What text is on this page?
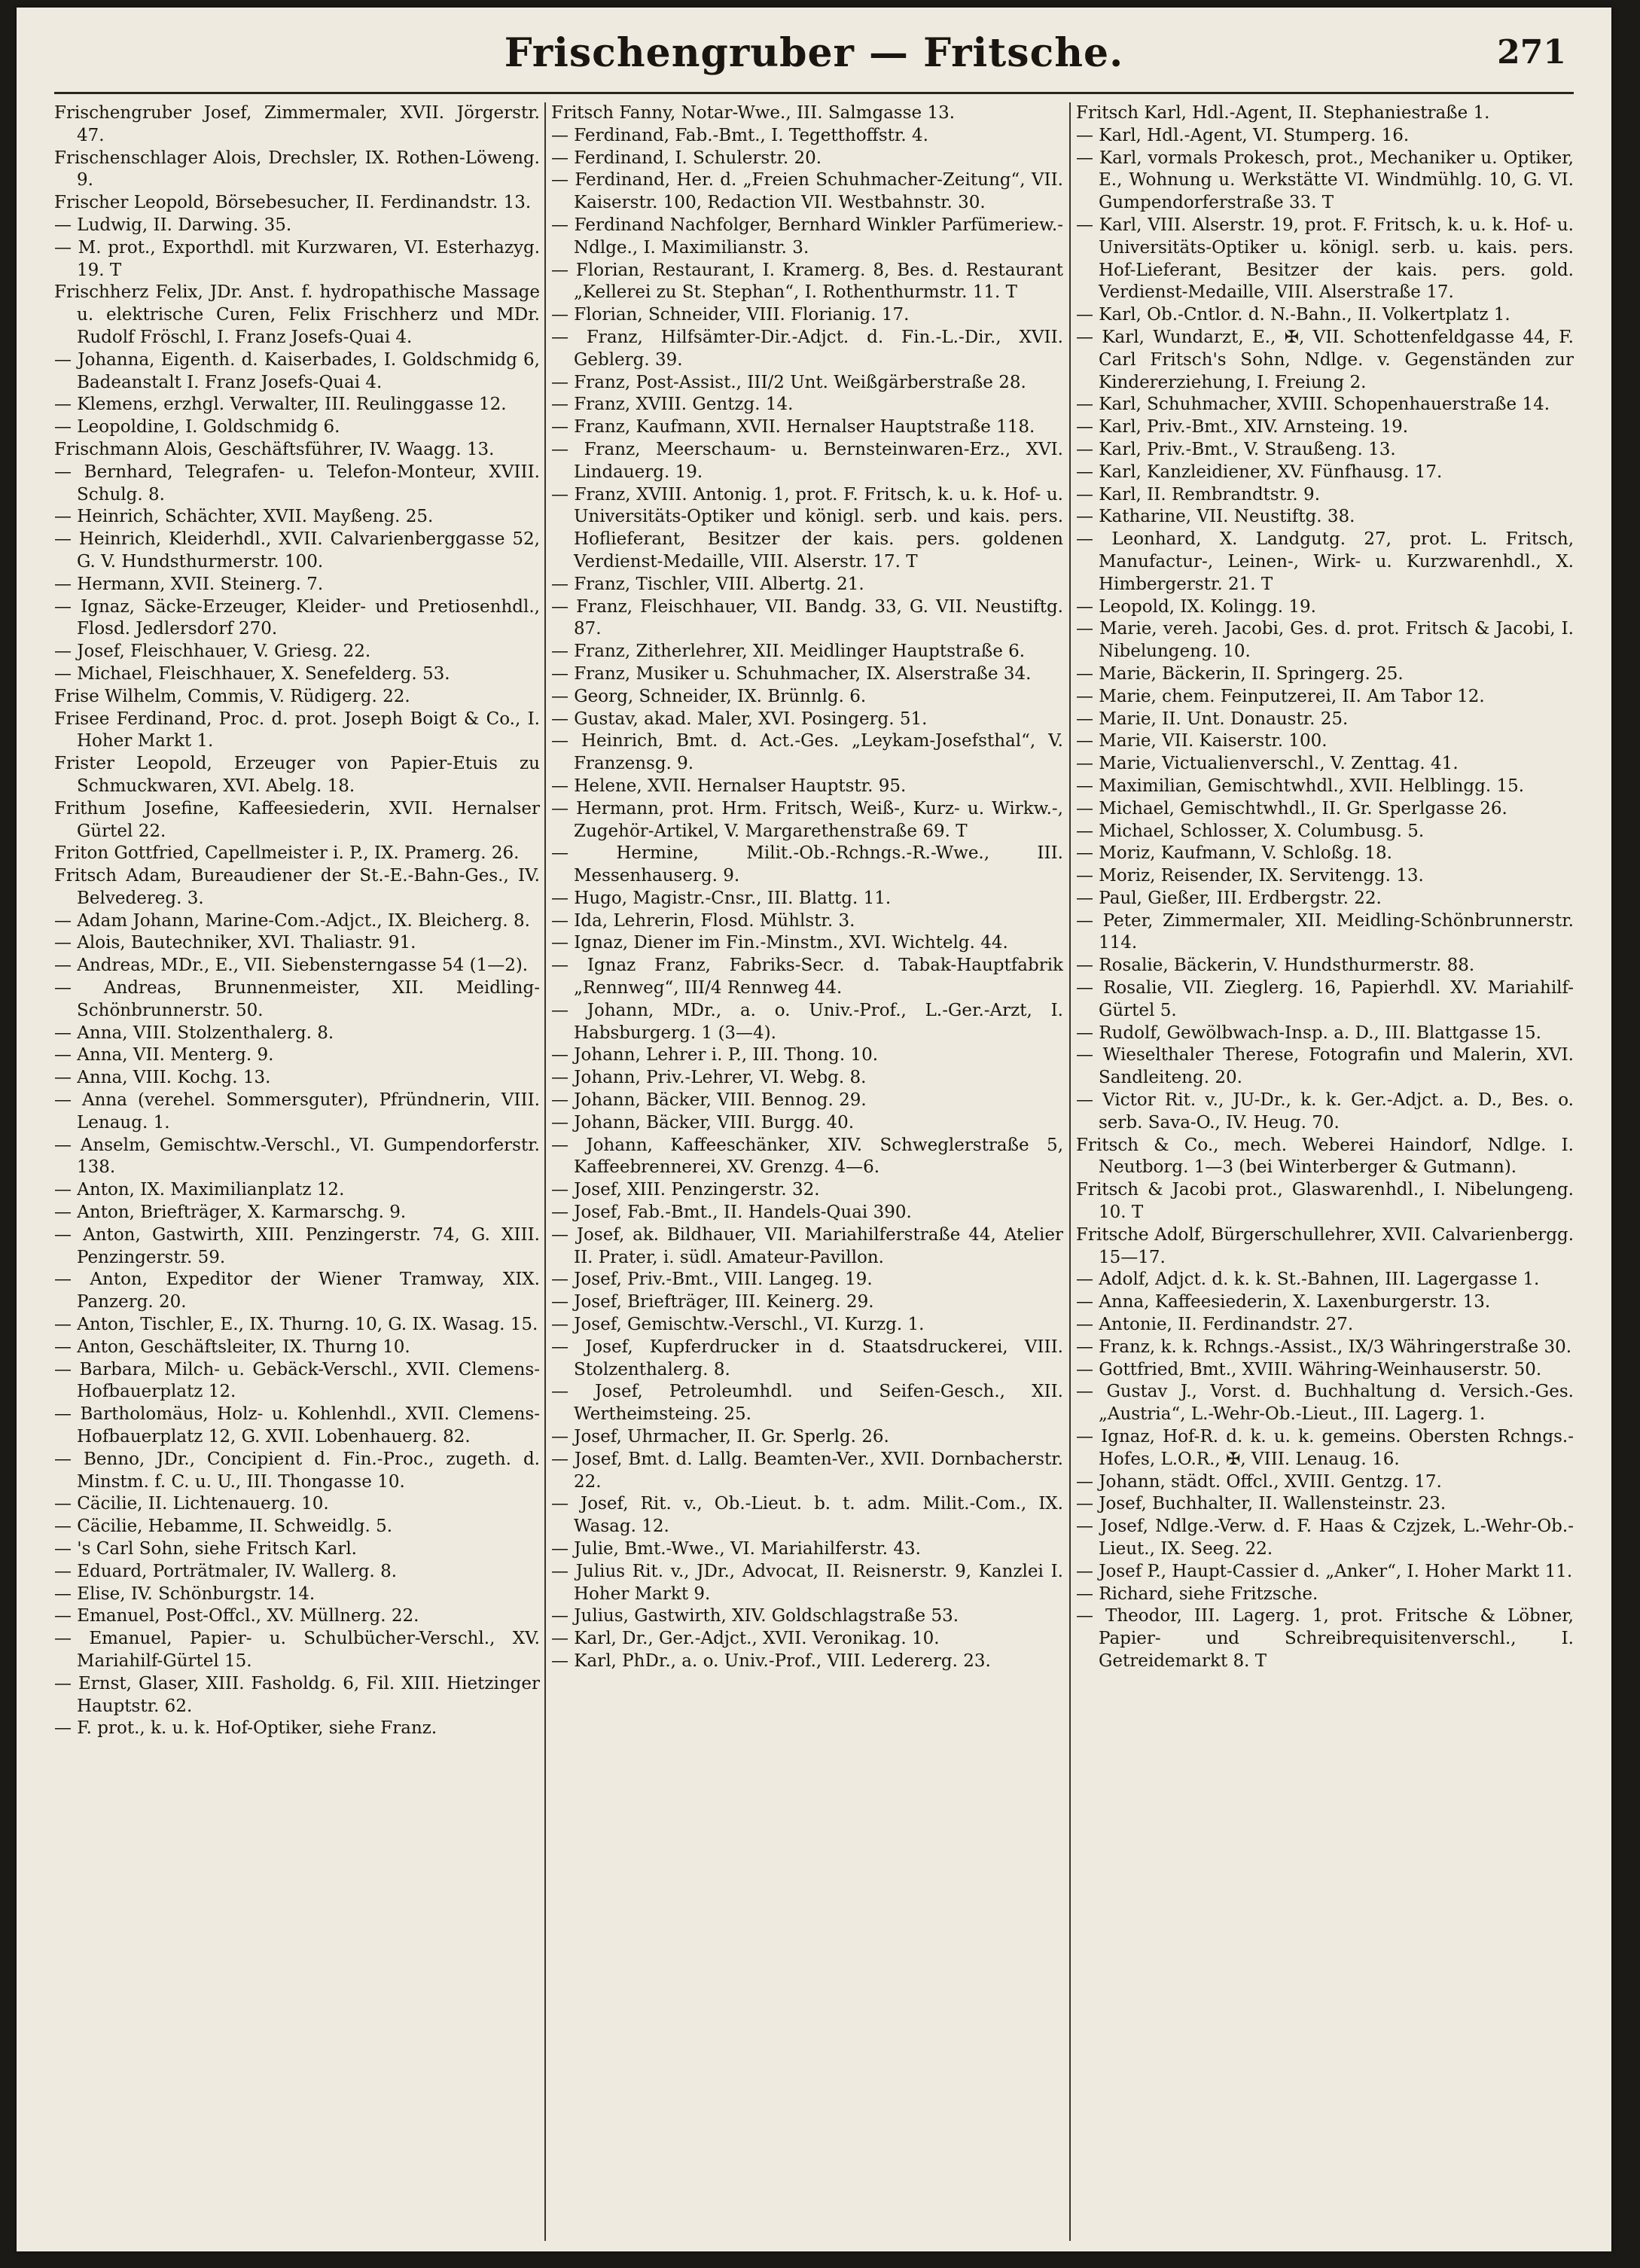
Frischengruber — Fritsche.	271
Frischengruber Josef, Zimmermaler, XVII. Jörgerstr. 47.
Frischenschlager Alois, Drechsler, IX. Rothen-Löweng. 9.
Frischer Leopold, Börsebesucher, II. Ferdinandstr. 13.
— Ludwig, II. Darwing. 35.
— M. prot., Exporthdl. mit Kurzwaren, VI. Esterhazyg. 19. T
Frischherz Felix, JDr. Anst. f. hydropathische Massage u. elektrische Curen, Felix Frischherz und MDr. Rudolf Fröschl, I. Franz Josefs-Quai 4.
— Johanna, Eigenth. d. Kaiserbades, I. Goldschmidg 6, Badeanstalt I. Franz Josefs-Quai 4.
— Klemens, erzhgl. Verwalter, III. Reulinggasse 12.
— Leopoldine, I. Goldschmidg 6.
Frischmann Alois, Geschäftsführer, IV. Waagg. 13.
— Bernhard, Telegrafen- u. Telefon-Monteur, XVIII. Schulg. 8.
— Heinrich, Schächter, XVII. Mayßeng. 25.
— Heinrich, Kleiderhdl., XVII. Calvarienberggasse 52, G. V. Hundsthurmerstr. 100.
— Hermann, XVII. Steinerg. 7.
— Ignaz, Säcke-Erzeuger, Kleider- und Pretiosenhdl., Flosd. Jedlersdorf 270.
— Josef, Fleischhauer, V. Griesg. 22.
— Michael, Fleischhauer, X. Senefelderg. 53.
Frise Wilhelm, Commis, V. Rüdigerg. 22.
Frisee Ferdinand, Proc. d. prot. Joseph Boigt & Co., I. Hoher Markt 1.
Frister Leopold, Erzeuger von Papier-Etuis zu Schmuckwaren, XVI. Abelg. 18.
Frithum Josefine, Kaffeesiederin, XVII. Hernalser Gürtel 22.
Friton Gottfried, Capellmeister i. P., IX. Pramerg. 26.
Fritsch Adam, Bureaudiener der St.-E.-Bahn-Ges., IV. Belvedereg. 3.
— Adam Johann, Marine-Com.-Adjct., IX. Bleicherg. 8.
— Alois, Bautechniker, XVI. Thaliastr. 91.
— Andreas, MDr., E., VII. Siebensterngasse 54 (1—2).
— Andreas, Brunnenmeister, XII. Meidling-Schönbrunnerstr. 50.
— Anna, VIII. Stolzenthalerg. 8.
— Anna, VII. Menterg. 9.
— Anna, VIII. Kochg. 13.
— Anna (verehel. Sommersguter), Pfründnerin, VIII. Lenaug. 1.
— Anselm, Gemischtw.-Verschl., VI. Gumpendorferstr. 138.
— Anton, IX. Maximilianplatz 12.
— Anton, Briefträger, X. Karmarschg. 9.
— Anton, Gastwirth, XIII. Penzingerstr. 74, G. XIII. Penzingerstr. 59.
— Anton, Expeditor der Wiener Tramway, XIX. Panzerg. 20.
— Anton, Tischler, E., IX. Thurng. 10, G. IX. Wasag. 15.
— Anton, Geschäftsleiter, IX. Thurng 10.
— Barbara, Milch- u. Gebäck-Verschl., XVII. Clemens-Hofbauerplatz 12.
— Bartholomäus, Holz- u. Kohlenhdl., XVII. Clemens-Hofbauerplatz 12, G. XVII. Lobenhauerg. 82.
— Benno, JDr., Concipient d. Fin.-Proc., zugeth. d. Minstm. f. C. u. U., III. Thongasse 10.
— Cäcilie, II. Lichtenauerg. 10.
— Cäcilie, Hebamme, II. Schweidlg. 5.
— 's Carl Sohn, siehe Fritsch Karl.
— Eduard, Porträtmaler, IV. Wallerg. 8.
— Elise, IV. Schönburgstr. 14.
— Emanuel, Post-Offcl., XV. Müllnerg. 22.
— Emanuel, Papier- u. Schulbücher-Verschl., XV. Mariahilf-Gürtel 15.
— Ernst, Glaser, XIII. Fasholdg. 6, Fil. XIII. Hietzinger Hauptstr. 62.
— F. prot., k. u. k. Hof-Optiker, siehe Franz.
Fritsch Fanny, Notar-Wwe., III. Salmgasse 13.
— Ferdinand, Fab.-Bmt., I. Tegetthoffstr. 4.
— Ferdinand, I. Schulerstr. 20.
— Ferdinand, Her. d. „Freien Schuhmacher-Zeitung“, VII. Kaiserstr. 100, Redaction VII. Westbahnstr. 30.
— Ferdinand Nachfolger, Bernhard Winkler Parfümeriew.-Ndlge., I. Maximilianstr. 3.
— Florian, Restaurant, I. Kramerg. 8, Bes. d. Restaurant „Kellerei zu St. Stephan“, I. Rothenthurmstr. 11. T
— Florian, Schneider, VIII. Florianig. 17.
— Franz, Hilfsämter-Dir.-Adjct. d. Fin.-L.-Dir., XVII. Geblerg. 39.
— Franz, Post-Assist., III/2 Unt. Weißgärberstraße 28.
— Franz, XVIII. Gentzg. 14.
— Franz, Kaufmann, XVII. Hernalser Hauptstraße 118.
— Franz, Meerschaum- u. Bernsteinwaren-Erz., XVI. Lindauerg. 19.
— Franz, XVIII. Antonig. 1, prot. F. Fritsch, k. u. k. Hof- u. Universitäts-Optiker und königl. serb. und kais. pers. Hoflieferant, Besitzer der kais. pers. goldenen Verdienst-Medaille, VIII. Alserstr. 17. T
— Franz, Tischler, VIII. Albertg. 21.
— Franz, Fleischhauer, VII. Bandg. 33, G. VII. Neustiftg. 87.
— Franz, Zitherlehrer, XII. Meidlinger Hauptstraße 6.
— Franz, Musiker u. Schuhmacher, IX. Alserstraße 34.
— Georg, Schneider, IX. Brünnlg. 6.
— Gustav, akad. Maler, XVI. Posingerg. 51.
— Heinrich, Bmt. d. Act.-Ges. „Leykam-Josefsthal“, V. Franzensg. 9.
— Helene, XVII. Hernalser Hauptstr. 95.
— Hermann, prot. Hrm. Fritsch, Weiß-, Kurz- u. Wirkw.-, Zugehör-Artikel, V. Margarethenstraße 69. T
— Hermine, Milit.-Ob.-Rchngs.-R.-Wwe., III. Messenhauserg. 9.
— Hugo, Magistr.-Cnsr., III. Blattg. 11.
— Ida, Lehrerin, Flosd. Mühlstr. 3.
— Ignaz, Diener im Fin.-Minstm., XVI. Wichtelg. 44.
— Ignaz Franz, Fabriks-Secr. d. Tabak-Hauptfabrik „Rennweg“, III/4 Rennweg 44.
— Johann, MDr., a. o. Univ.-Prof., L.-Ger.-Arzt, I. Habsburgerg. 1 (3—4).
— Johann, Lehrer i. P., III. Thong. 10.
— Johann, Priv.-Lehrer, VI. Webg. 8.
— Johann, Bäcker, VIII. Bennog. 29.
— Johann, Bäcker, VIII. Burgg. 40.
— Johann, Kaffeeschänker, XIV. Schweglerstraße 5, Kaffeebrennerei, XV. Grenzg. 4—6.
— Josef, XIII. Penzingerstr. 32.
— Josef, Fab.-Bmt., II. Handels-Quai 390.
— Josef, ak. Bildhauer, VII. Mariahilferstraße 44, Atelier II. Prater, i. südl. Amateur-Pavillon.
— Josef, Priv.-Bmt., VIII. Langeg. 19.
— Josef, Briefträger, III. Keinerg. 29.
— Josef, Gemischtw.-Verschl., VI. Kurzg. 1.
— Josef, Kupferdrucker in d. Staatsdruckerei, VIII. Stolzenthalerg. 8.
— Josef, Petroleumhdl. und Seifen-Gesch., XII. Wertheimsteing. 25.
— Josef, Uhrmacher, II. Gr. Sperlg. 26.
— Josef, Bmt. d. Lallg. Beamten-Ver., XVII. Dornbacherstr. 22.
— Josef, Rit. v., Ob.-Lieut. b. t. adm. Milit.-Com., IX. Wasag. 12.
— Julie, Bmt.-Wwe., VI. Mariahilferstr. 43.
— Julius Rit. v., JDr., Advocat, II. Reisnerstr. 9, Kanzlei I. Hoher Markt 9.
— Julius, Gastwirth, XIV. Goldschlagstraße 53.
— Karl, Dr., Ger.-Adjct., XVII. Veronikag. 10.
— Karl, PhDr., a. o. Univ.-Prof., VIII. Ledererg. 23.
Fritsch Karl, Hdl.-Agent, II. Stephaniestraße 1.
— Karl, Hdl.-Agent, VI. Stumperg. 16.
— Karl, vormals Prokesch, prot., Mechaniker u. Optiker, E., Wohnung u. Werkstätte VI. Windmühlg. 10, G. VI. Gumpendorferstraße 33. T
— Karl, VIII. Alserstr. 19, prot. F. Fritsch, k. u. k. Hof- u. Universitäts-Optiker u. königl. serb. u. kais. pers. Hof-Lieferant, Besitzer der kais. pers. gold. Verdienst-Medaille, VIII. Alserstraße 17.
— Karl, Ob.-Cntlor. d. N.-Bahn., II. Volkertplatz 1.
— Karl, Wundarzt, E., ✠, VII. Schottenfeldgasse 44, F. Carl Fritsch's Sohn, Ndlge. v. Gegenständen zur Kindererziehung, I. Freiung 2.
— Karl, Schuhmacher, XVIII. Schopenhauerstraße 14.
— Karl, Priv.-Bmt., XIV. Arnsteing. 19.
— Karl, Priv.-Bmt., V. Straußeng. 13.
— Karl, Kanzleidiener, XV. Fünfhausg. 17.
— Karl, II. Rembrandtstr. 9.
— Katharine, VII. Neustiftg. 38.
— Leonhard, X. Landgutg. 27, prot. L. Fritsch, Manufactur-, Leinen-, Wirk- u. Kurzwarenhdl., X. Himbergerstr. 21. T
— Leopold, IX. Kolingg. 19.
— Marie, vereh. Jacobi, Ges. d. prot. Fritsch & Jacobi, I. Nibelungeng. 10.
— Marie, Bäckerin, II. Springerg. 25.
— Marie, chem. Feinputzerei, II. Am Tabor 12.
— Marie, II. Unt. Donaustr. 25.
— Marie, VII. Kaiserstr. 100.
— Marie, Victualienverschl., V. Zenttag. 41.
— Maximilian, Gemischtwhdl., XVII. Helblingg. 15.
— Michael, Gemischtwhdl., II. Gr. Sperlgasse 26.
— Michael, Schlosser, X. Columbusg. 5.
— Moriz, Kaufmann, V. Schloßg. 18.
— Moriz, Reisender, IX. Servitengg. 13.
— Paul, Gießer, III. Erdbergstr. 22.
— Peter, Zimmermaler, XII. Meidling-Schönbrunnerstr. 114.
— Rosalie, Bäckerin, V. Hundsthurmerstr. 88.
— Rosalie, VII. Zieglerg. 16, Papierhdl. XV. Mariahilf-Gürtel 5.
— Rudolf, Gewölbwach-Insp. a. D., III. Blattgasse 15.
— Wieselthaler Therese, Fotografin und Malerin, XVI. Sandleiteng. 20.
— Victor Rit. v., JU-Dr., k. k. Ger.-Adjct. a. D., Bes. o. serb. Sava-O., IV. Heug. 70.
Fritsch & Co., mech. Weberei Haindorf, Ndlge. I. Neutborg. 1—3 (bei Winterberger & Gutmann).
Fritsch & Jacobi prot., Glaswarenhdl., I. Nibelungeng. 10. T
Fritsche Adolf, Bürgerschullehrer, XVII. Calvarienbergg. 15—17.
— Adolf, Adjct. d. k. k. St.-Bahnen, III. Lagergasse 1.
— Anna, Kaffeesiederin, X. Laxenburgerstr. 13.
— Antonie, II. Ferdinandstr. 27.
— Franz, k. k. Rchngs.-Assist., IX/3 Währingerstraße 30.
— Gottfried, Bmt., XVIII. Währing-Weinhauserstr. 50.
— Gustav J., Vorst. d. Buchhaltung d. Versich.-Ges. „Austria“, L.-Wehr-Ob.-Lieut., III. Lagerg. 1.
— Ignaz, Hof-R. d. k. u. k. gemeins. Obersten Rchngs.-Hofes, L.O.R., ✠, VIII. Lenaug. 16.
— Johann, städt. Offcl., XVIII. Gentzg. 17.
— Josef, Buchhalter, II. Wallensteinstr. 23.
— Josef, Ndlge.-Verw. d. F. Haas & Czjzek, L.-Wehr-Ob.-Lieut., IX. Seeg. 22.
— Josef P., Haupt-Cassier d. „Anker“, I. Hoher Markt 11.
— Richard, siehe Fritzsche.
— Theodor, III. Lagerg. 1, prot. Fritsche & Löbner, Papier- und Schreibrequisitenverschl., I. Getreidemarkt 8. T
